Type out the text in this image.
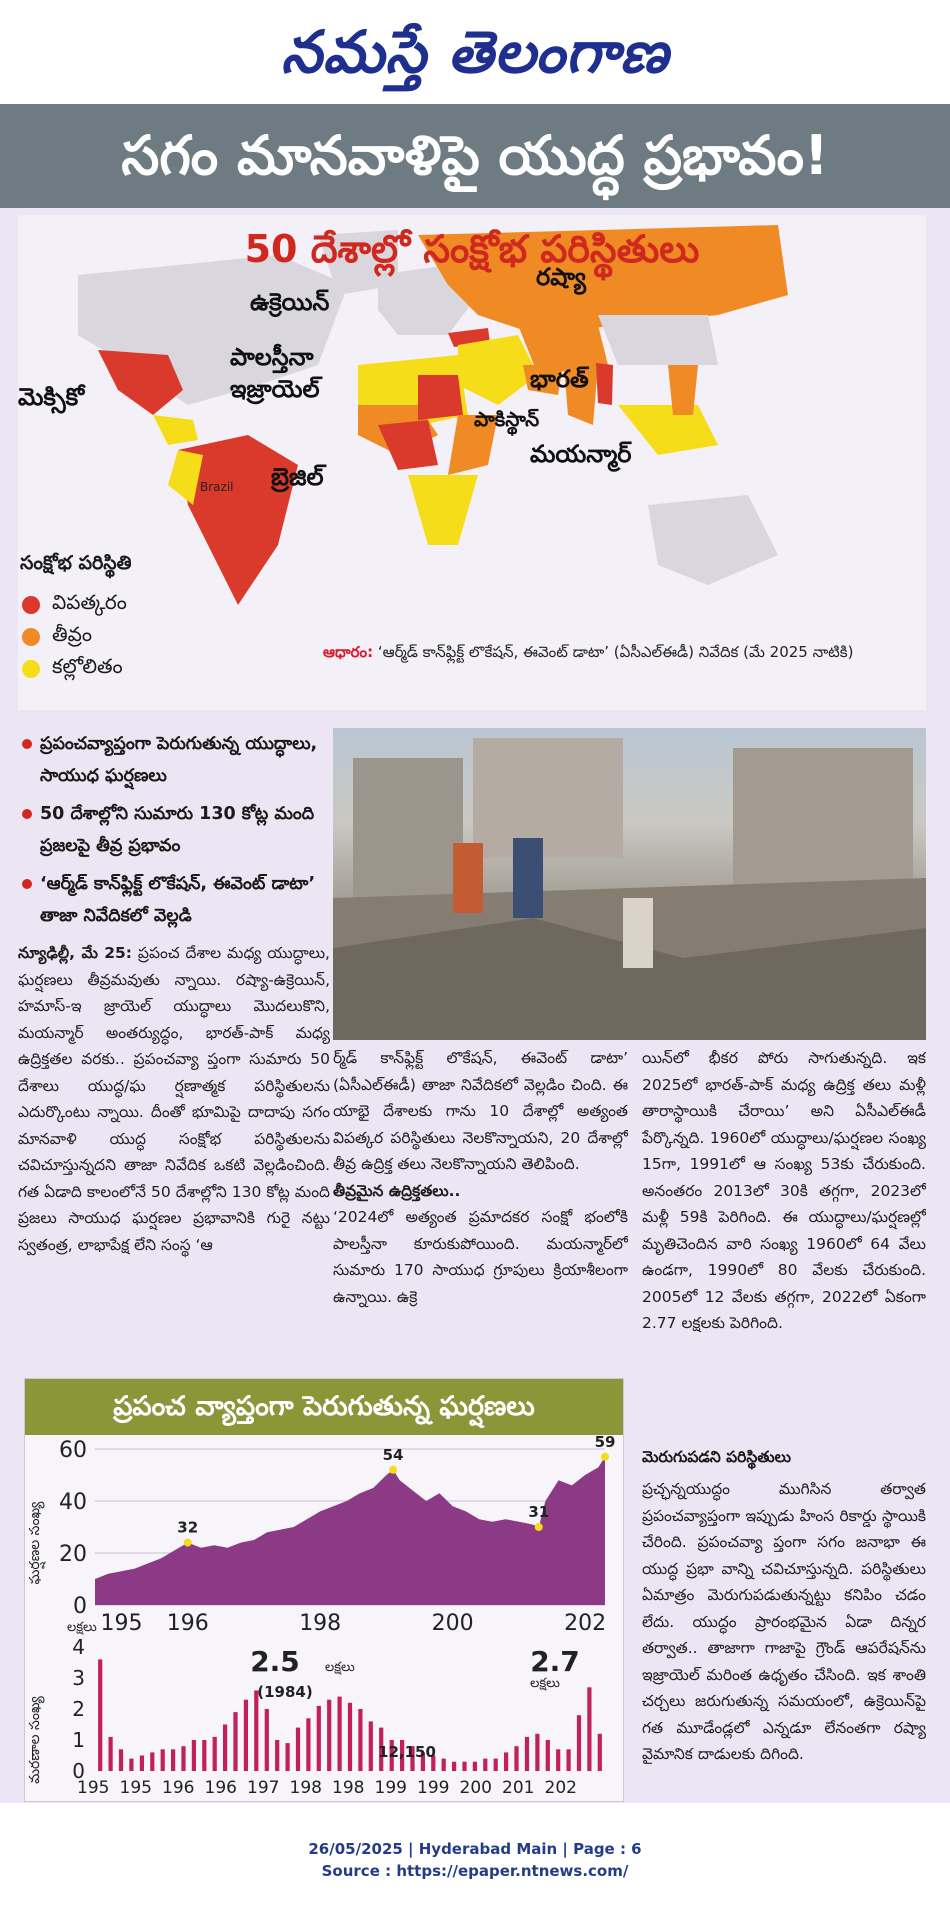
నమస్తే తెలంగాణ
సగం మానవాళిపై యుద్ధ ప్రభావం!
50 దేశాల్లో సంక్షోభ పరిస్థితులు
రష్యా
ఉక్రెయిన్
పాలస్తీనా
ఇజ్రాయెల్
మెక్సికో
భారత్
పాకిస్థాన్
మయన్మార్
బ్రెజిల్
Brazil
సంక్షోభ పరిస్థితి
విపత్కరం
తీవ్రం
కల్లోలితం
ఆధారం: ‘ఆర్మ్‌డ్ కాన్‌ఫ్లిక్ట్ లొకేషన్, ఈవెంట్ డాటా’ (ఏసీఎల్ఈడీ) నివేదిక (మే 2025 నాటికి)
ప్రపంచవ్యాప్తంగా పెరుగుతున్న యుద్ధాలు, సాయుధ ఘర్షణలు
50 దేశాల్లోని సుమారు 130 కోట్ల మంది ప్రజలపై తీవ్ర ప్రభావం
‘ఆర్మ్‌డ్ కాన్‌ఫ్లిక్ట్ లొకేషన్, ఈవెంట్ డాటా’ తాజా నివేదికలో వెల్లడి
న్యూఢిల్లీ, మే 25: ప్రపంచ దేశాల మధ్య యుద్ధాలు, ఘర్షణలు తీవ్రమవుతు న్నాయి. రష్యా-ఉక్రెయిన్, హమాస్-ఇ జ్రాయెల్ యుద్ధాలు మొదలుకొని, మయన్మార్ అంతర్యుద్ధం, భారత్-పాక్ మధ్య ఉద్రిక్తతల వరకు.. ప్రపంచవ్యా ప్తంగా సుమారు 50 దేశాలు యుద్ధ/ఘ ర్షణాత్మక పరిస్థితులను ఎదుర్కొంటు న్నాయి. దీంతో భూమిపై దాదాపు సగం మానవాళి యుద్ధ సంక్షోభ పరిస్థితులను చవిచూస్తున్నదని తాజా నివేదిక ఒకటి వెల్లడించింది. గత ఏడాది కాలంలోనే 50 దేశాల్లోని 130 కోట్ల మంది ప్రజలు సాయుధ ఘర్షణల ప్రభావానికి గురై నట్టు స్వతంత్ర, లాభాపేక్ష లేని సంస్థ ‘ఆ
ర్మ్‌డ్ కాన్‌ఫ్లిక్ట్ లొకేషన్, ఈవెంట్ డాటా’ (ఏసీఎల్ఈడీ) తాజా నివేదికలో వెల్లడిం చింది. ఈ యాభై దేశాలకు గాను 10 దేశాల్లో అత్యంత విపత్కర పరిస్థితులు నెలకొన్నాయని, 20 దేశాల్లో తీవ్ర ఉద్రిక్త తలు నెలకొన్నాయని తెలిపింది.
తీవ్రమైన ఉద్రిక్తతలు..
‘2024లో అత్యంత ప్రమాదకర సంక్షో భంలోకి పాలస్తీనా కూరుకుపోయింది. మయన్మార్‌లో సుమారు 170 సాయుధ గ్రూపులు క్రియాశీలంగా ఉన్నాయి. ఉక్రె
యిన్‌లో భీకర పోరు సాగుతున్నది. ఇక 2025లో భారత్-పాక్ మధ్య ఉద్రిక్త తలు మళ్లీ తారాస్థాయికి చేరాయి’ అని ఏసీఎల్ఈడీ పేర్కొన్నది. 1960లో యుద్ధాలు/ఘర్షణల సంఖ్య 15గా, 1991లో ఆ సంఖ్య 53కు చేరుకుంది. అనంతరం 2013లో 30కి తగ్గగా, 2023లో మళ్లీ 59కి పెరిగింది. ఈ యుద్ధాలు/ఘర్షణల్లో మృతిచెందిన వారి సంఖ్య 1960లో 64 వేలు ఉండగా, 1990లో 80 వేలకు చేరుకుంది. 2005లో 12 వేలకు తగ్గగా, 2022లో ఏకంగా 2.77 లక్షలకు పెరిగింది.
మెరుగుపడని పరిస్థితులు
ప్రచ్ఛన్నయుద్ధం ముగిసిన తర్వాత ప్రపంచవ్యాప్తంగా ఇప్పుడు హింస రికార్డు స్థాయికి చేరింది. ప్రపంచవ్యా ప్తంగా సగం జనాభా ఈ యుద్ధ ప్రభా వాన్ని చవిచూస్తున్నది. పరిస్థితులు ఏమాత్రం మెరుగుపడుతున్నట్టు కనిపిం చడం లేదు. యుద్ధం ప్రారంభమైన ఏడా దిన్నర తర్వాత.. తాజాగా గాజాపై గ్రౌండ్ ఆపరేషన్‌ను ఇజ్రాయెల్ మరింత ఉధృతం చేసింది. ఇక శాంతి చర్చలు జరుగుతున్న సమయంలో, ఉక్రెయిన్‌పై గత మూడేండ్లలో ఎన్నడూ లేనంతగా రష్యా వైమానిక దాడులకు దిగింది.
ప్రపంచ వ్యాప్తంగా పెరుగుతున్న ఘర్షణలు
ఘర్షణల సంఖ్య
మరణాల సంఖ్య
లక్షలు
0
20
40
60
195 196	198	200	202
32
54
31
59
0
1
2
3
4
195 195 196 196 197 198 198 199 199 200 201 202
2.5 లక్షలు
(1984)
12,150
2.7
లక్షలు
26/05/2025 | Hyderabad Main | Page : 6
Source : https://epaper.ntnews.com/
